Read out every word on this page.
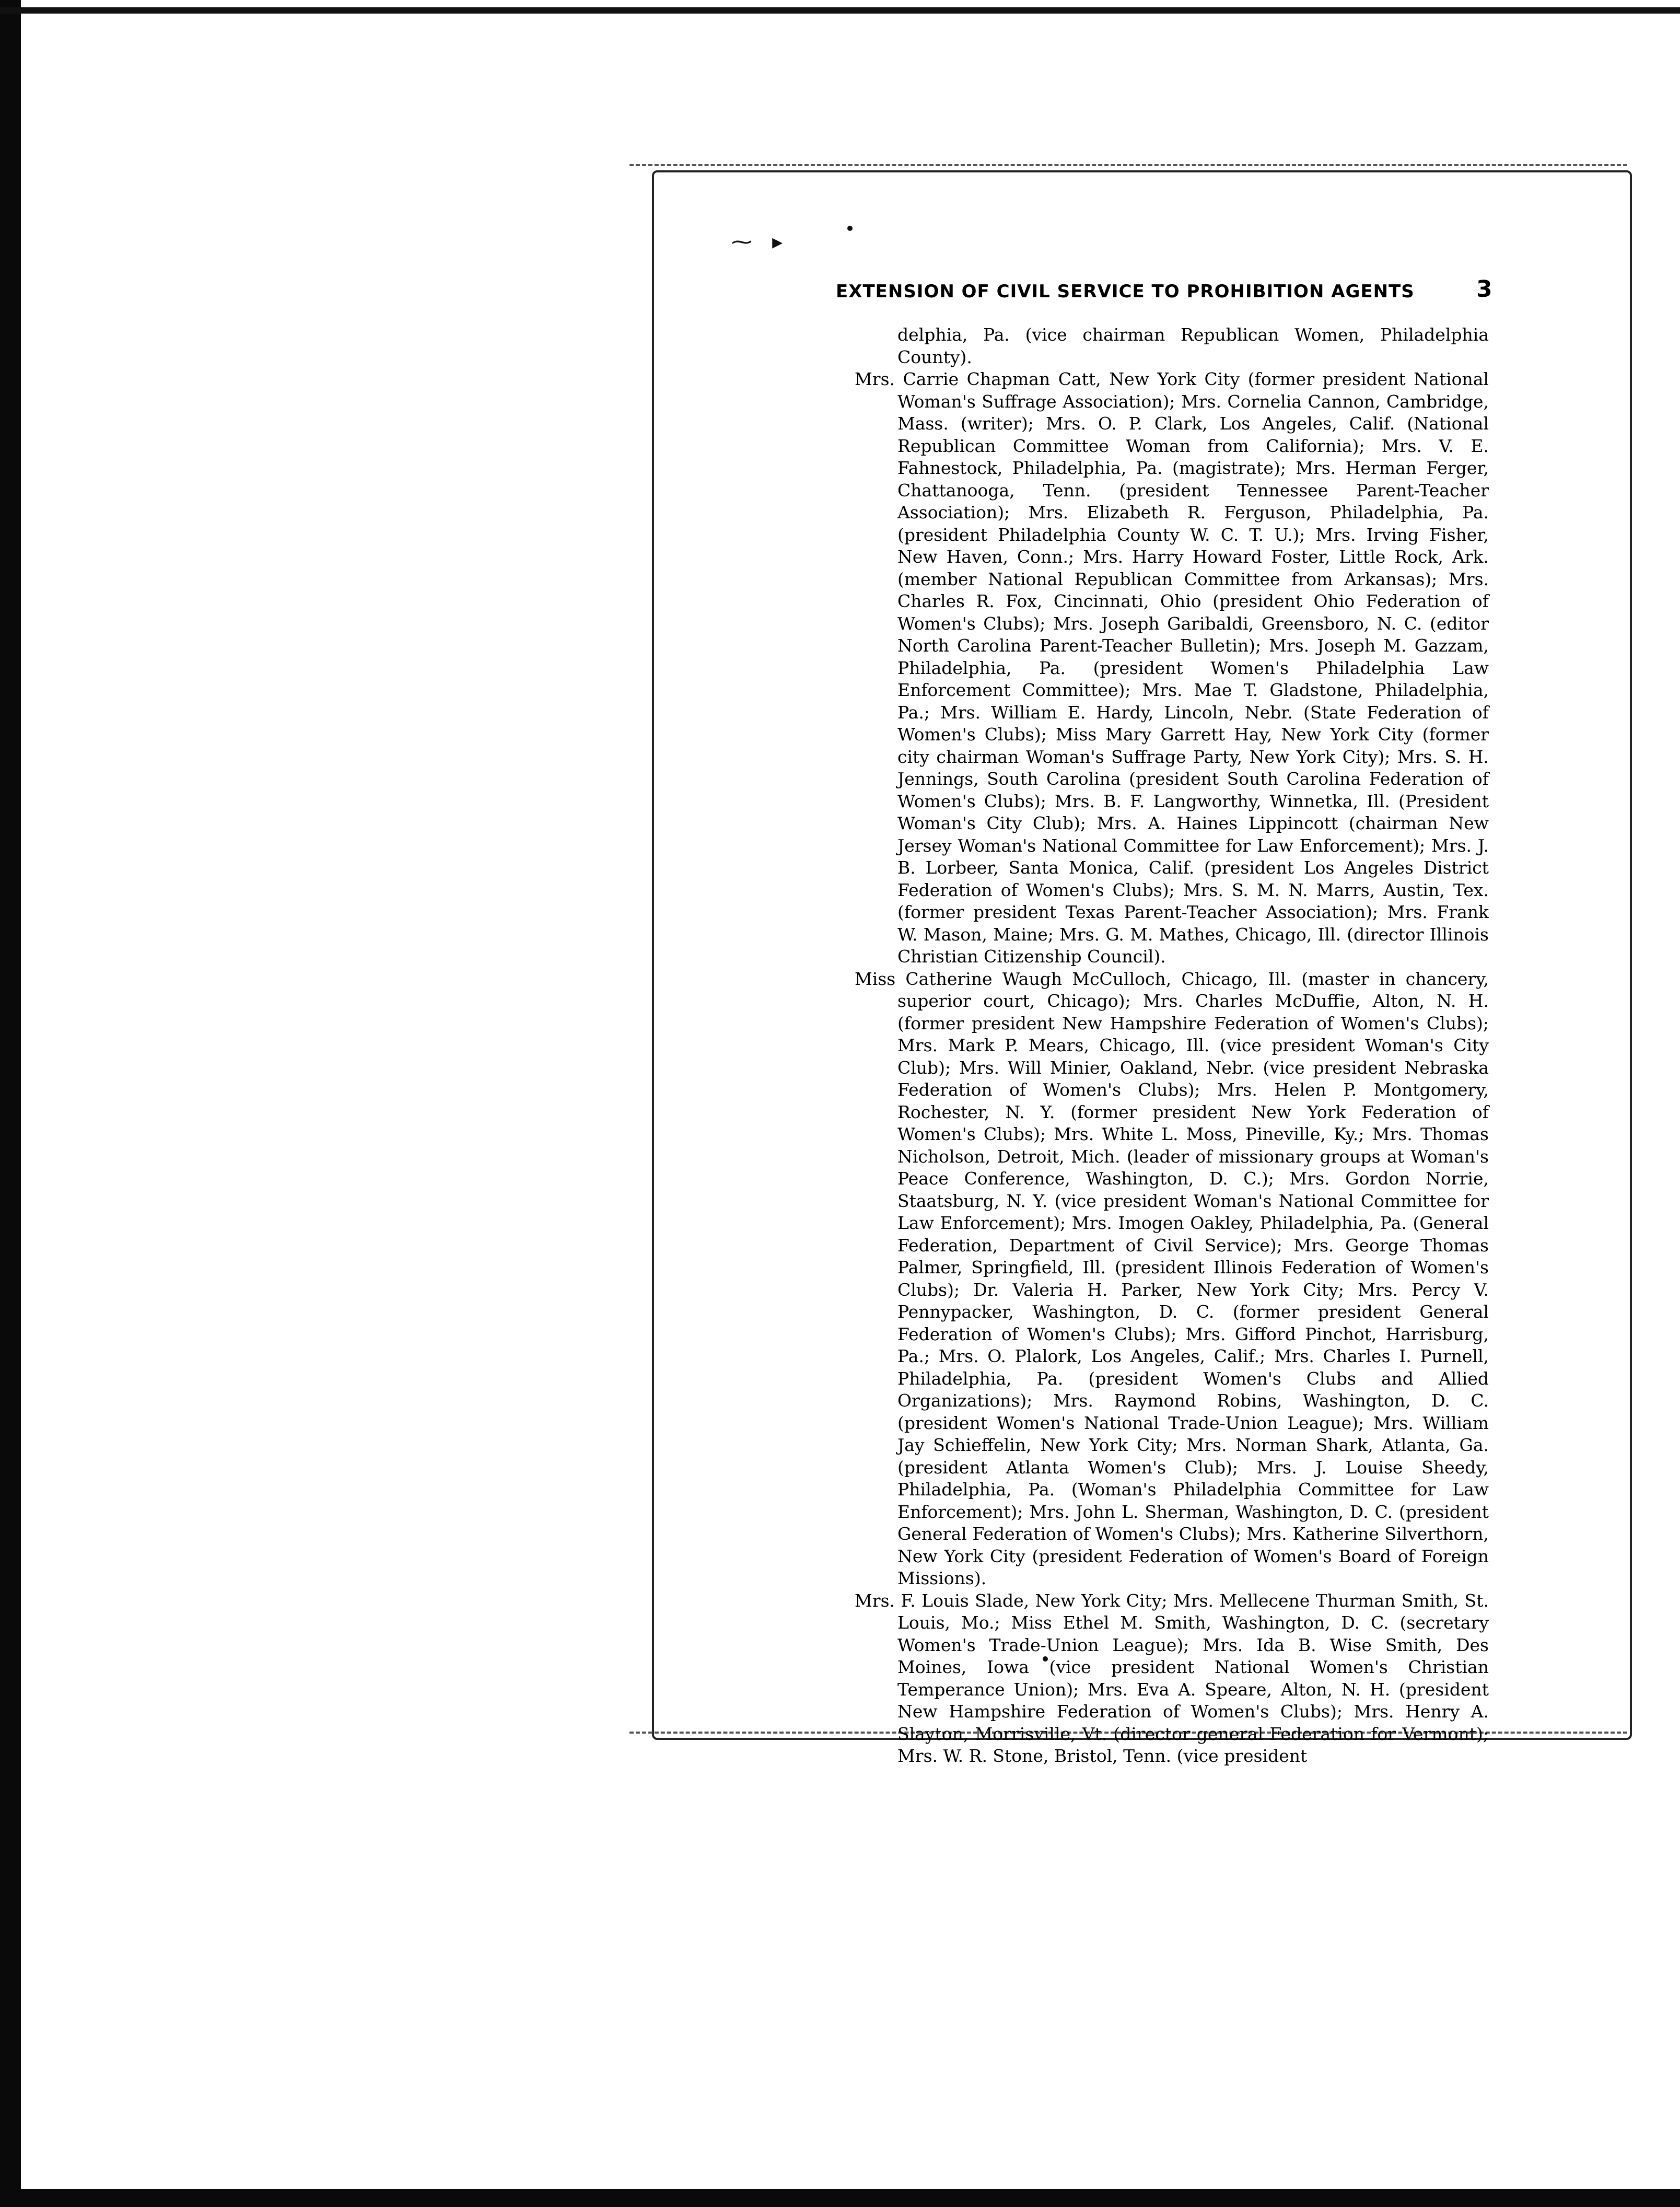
⁓   ▸
EXTENSION OF CIVIL SERVICE TO PROHIBITION AGENTS	3

delphia, Pa. (vice chairman Republican Women, Philadelphia County).

Mrs. Carrie Chapman Catt, New York City (former president National Woman's Suffrage Association); Mrs. Cornelia Cannon, Cambridge, Mass. (writer); Mrs. O. P. Clark, Los Angeles, Calif. (National Republican Committee Woman from California); Mrs. V. E. Fahnestock, Philadelphia, Pa. (magistrate); Mrs. Herman Ferger, Chattanooga, Tenn. (president Tennessee Parent-Teacher Association); Mrs. Elizabeth R. Ferguson, Philadelphia, Pa. (president Philadelphia County W. C. T. U.); Mrs. Irving Fisher, New Haven, Conn.; Mrs. Harry Howard Foster, Little Rock, Ark. (member National Republican Committee from Arkansas); Mrs. Charles R. Fox, Cincinnati, Ohio (president Ohio Federation of Women's Clubs); Mrs. Joseph Garibaldi, Greensboro, N. C. (editor North Carolina Parent-Teacher Bulletin); Mrs. Joseph M. Gazzam, Philadelphia, Pa. (president Women's Philadelphia Law Enforcement Committee); Mrs. Mae T. Gladstone, Philadelphia, Pa.; Mrs. William E. Hardy, Lincoln, Nebr. (State Federation of Women's Clubs); Miss Mary Garrett Hay, New York City (former city chairman Woman's Suffrage Party, New York City); Mrs. S. H. Jennings, South Carolina (president South Carolina Federation of Women's Clubs); Mrs. B. F. Langworthy, Winnetka, Ill. (President Woman's City Club); Mrs. A. Haines Lippincott (chairman New Jersey Woman's National Committee for Law Enforcement); Mrs. J. B. Lorbeer, Santa Monica, Calif. (president Los Angeles District Federation of Women's Clubs); Mrs. S. M. N. Marrs, Austin, Tex. (former president Texas Parent-Teacher Association); Mrs. Frank W. Mason, Maine; Mrs. G. M. Mathes, Chicago, Ill. (director Illinois Christian Citizenship Council).

Miss Catherine Waugh McCulloch, Chicago, Ill. (master in chancery, superior court, Chicago); Mrs. Charles McDuffie, Alton, N. H. (former president New Hampshire Federation of Women's Clubs); Mrs. Mark P. Mears, Chicago, Ill. (vice president Woman's City Club); Mrs. Will Minier, Oakland, Nebr. (vice president Nebraska Federation of Women's Clubs); Mrs. Helen P. Montgomery, Rochester, N. Y. (former president New York Federation of Women's Clubs); Mrs. White L. Moss, Pineville, Ky.; Mrs. Thomas Nicholson, Detroit, Mich. (leader of missionary groups at Woman's Peace Conference, Washington, D. C.); Mrs. Gordon Norrie, Staatsburg, N. Y. (vice president Woman's National Committee for Law Enforcement); Mrs. Imogen Oakley, Philadelphia, Pa. (General Federation, Department of Civil Service); Mrs. George Thomas Palmer, Springfield, Ill. (president Illinois Federation of Women's Clubs); Dr. Valeria H. Parker, New York City; Mrs. Percy V. Pennypacker, Washington, D. C. (former president General Federation of Women's Clubs); Mrs. Gifford Pinchot, Harrisburg, Pa.; Mrs. O. Plalork, Los Angeles, Calif.; Mrs. Charles I. Purnell, Philadelphia, Pa. (president Women's Clubs and Allied Organizations); Mrs. Raymond Robins, Washington, D. C. (president Women's National Trade-Union League); Mrs. William Jay Schieffelin, New York City; Mrs. Norman Shark, Atlanta, Ga. (president Atlanta Women's Club); Mrs. J. Louise Sheedy, Philadelphia, Pa. (Woman's Philadelphia Committee for Law Enforcement); Mrs. John L. Sherman, Washington, D. C. (president General Federation of Women's Clubs); Mrs. Katherine Silverthorn, New York City (president Federation of Women's Board of Foreign Missions).

Mrs. F. Louis Slade, New York City; Mrs. Mellecene Thurman Smith, St. Louis, Mo.; Miss Ethel M. Smith, Washington, D. C. (secretary Women's Trade-Union League); Mrs. Ida B. Wise Smith, Des Moines, Iowa (vice president National Women's Christian Temperance Union); Mrs. Eva A. Speare, Alton, N. H. (president New Hampshire Federation of Women's Clubs); Mrs. Henry A. Slayton, Morrisville, Vt. (director general Federation for Vermont); Mrs. W. R. Stone, Bristol, Tenn. (vice president
